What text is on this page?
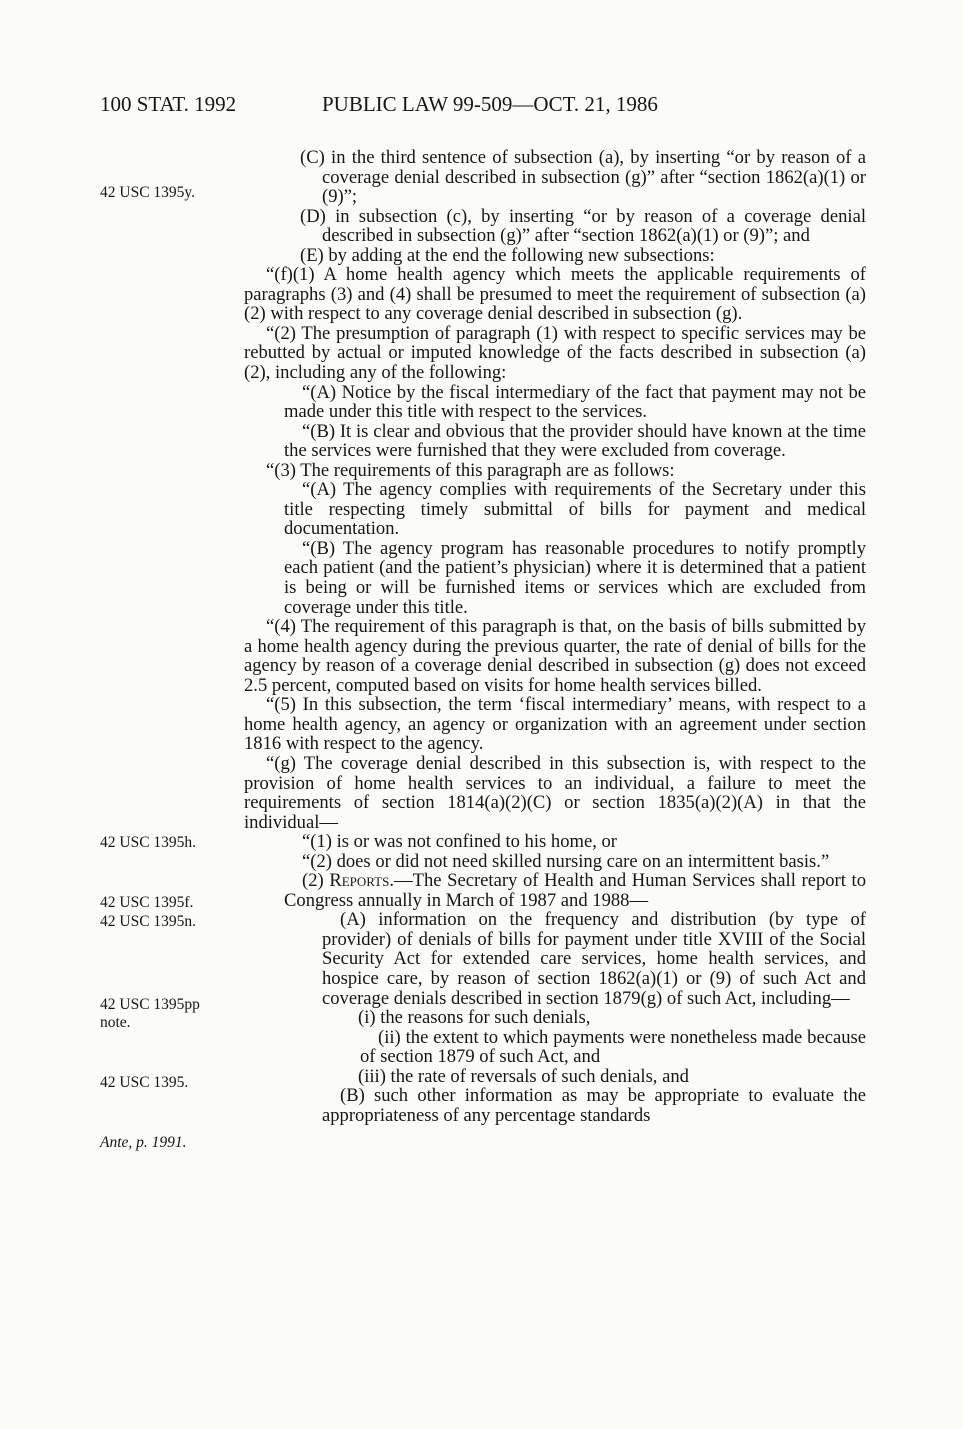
100 STAT. 1992	PUBLIC LAW 99-509—OCT. 21, 1986
42 USC 1395y.
42 USC 1395h.
42 USC 1395f.
42 USC 1395n.
42 USC 1395pp
note.
42 USC 1395.
Ante, p. 1991.

(C) in the third sentence of subsection (a), by inserting “or by reason of a coverage denial described in subsection (g)” after “section 1862(a)(1) or (9)”;

(D) in subsection (c), by inserting “or by reason of a coverage denial described in subsection (g)” after “section 1862(a)(1) or (9)”; and

(E) by adding at the end the following new subsections:

“(f)(1) A home health agency which meets the applicable requirements of paragraphs (3) and (4) shall be presumed to meet the requirement of subsection (a)(2) with respect to any coverage denial described in subsection (g).

“(2) The presumption of paragraph (1) with respect to specific services may be rebutted by actual or imputed knowledge of the facts described in subsection (a)(2), including any of the following:

“(A) Notice by the fiscal intermediary of the fact that payment may not be made under this title with respect to the services.

“(B) It is clear and obvious that the provider should have known at the time the services were furnished that they were excluded from coverage.

“(3) The requirements of this paragraph are as follows:

“(A) The agency complies with requirements of the Secretary under this title respecting timely submittal of bills for payment and medical documentation.

“(B) The agency program has reasonable procedures to notify promptly each patient (and the patient’s physician) where it is determined that a patient is being or will be furnished items or services which are excluded from coverage under this title.

“(4) The requirement of this paragraph is that, on the basis of bills submitted by a home health agency during the previous quarter, the rate of denial of bills for the agency by reason of a coverage denial described in subsection (g) does not exceed 2.5 percent, computed based on visits for home health services billed.

“(5) In this subsection, the term ‘fiscal intermediary’ means, with respect to a home health agency, an agency or organization with an agreement under section 1816 with respect to the agency.

“(g) The coverage denial described in this subsection is, with respect to the provision of home health services to an individual, a failure to meet the requirements of section 1814(a)(2)(C) or section 1835(a)(2)(A) in that the individual—

“(1) is or was not confined to his home, or

“(2) does or did not need skilled nursing care on an intermittent basis.”

(2) Reports.—The Secretary of Health and Human Services shall report to Congress annually in March of 1987 and 1988—

(A) information on the frequency and distribution (by type of provider) of denials of bills for payment under title XVIII of the Social Security Act for extended care services, home health services, and hospice care, by reason of section 1862(a)(1) or (9) of such Act and coverage denials described in section 1879(g) of such Act, including—

(i) the reasons for such denials,

(ii) the extent to which payments were nonetheless made because of section 1879 of such Act, and

(iii) the rate of reversals of such denials, and

(B) such other information as may be appropriate to evaluate the appropriateness of any percentage standards
